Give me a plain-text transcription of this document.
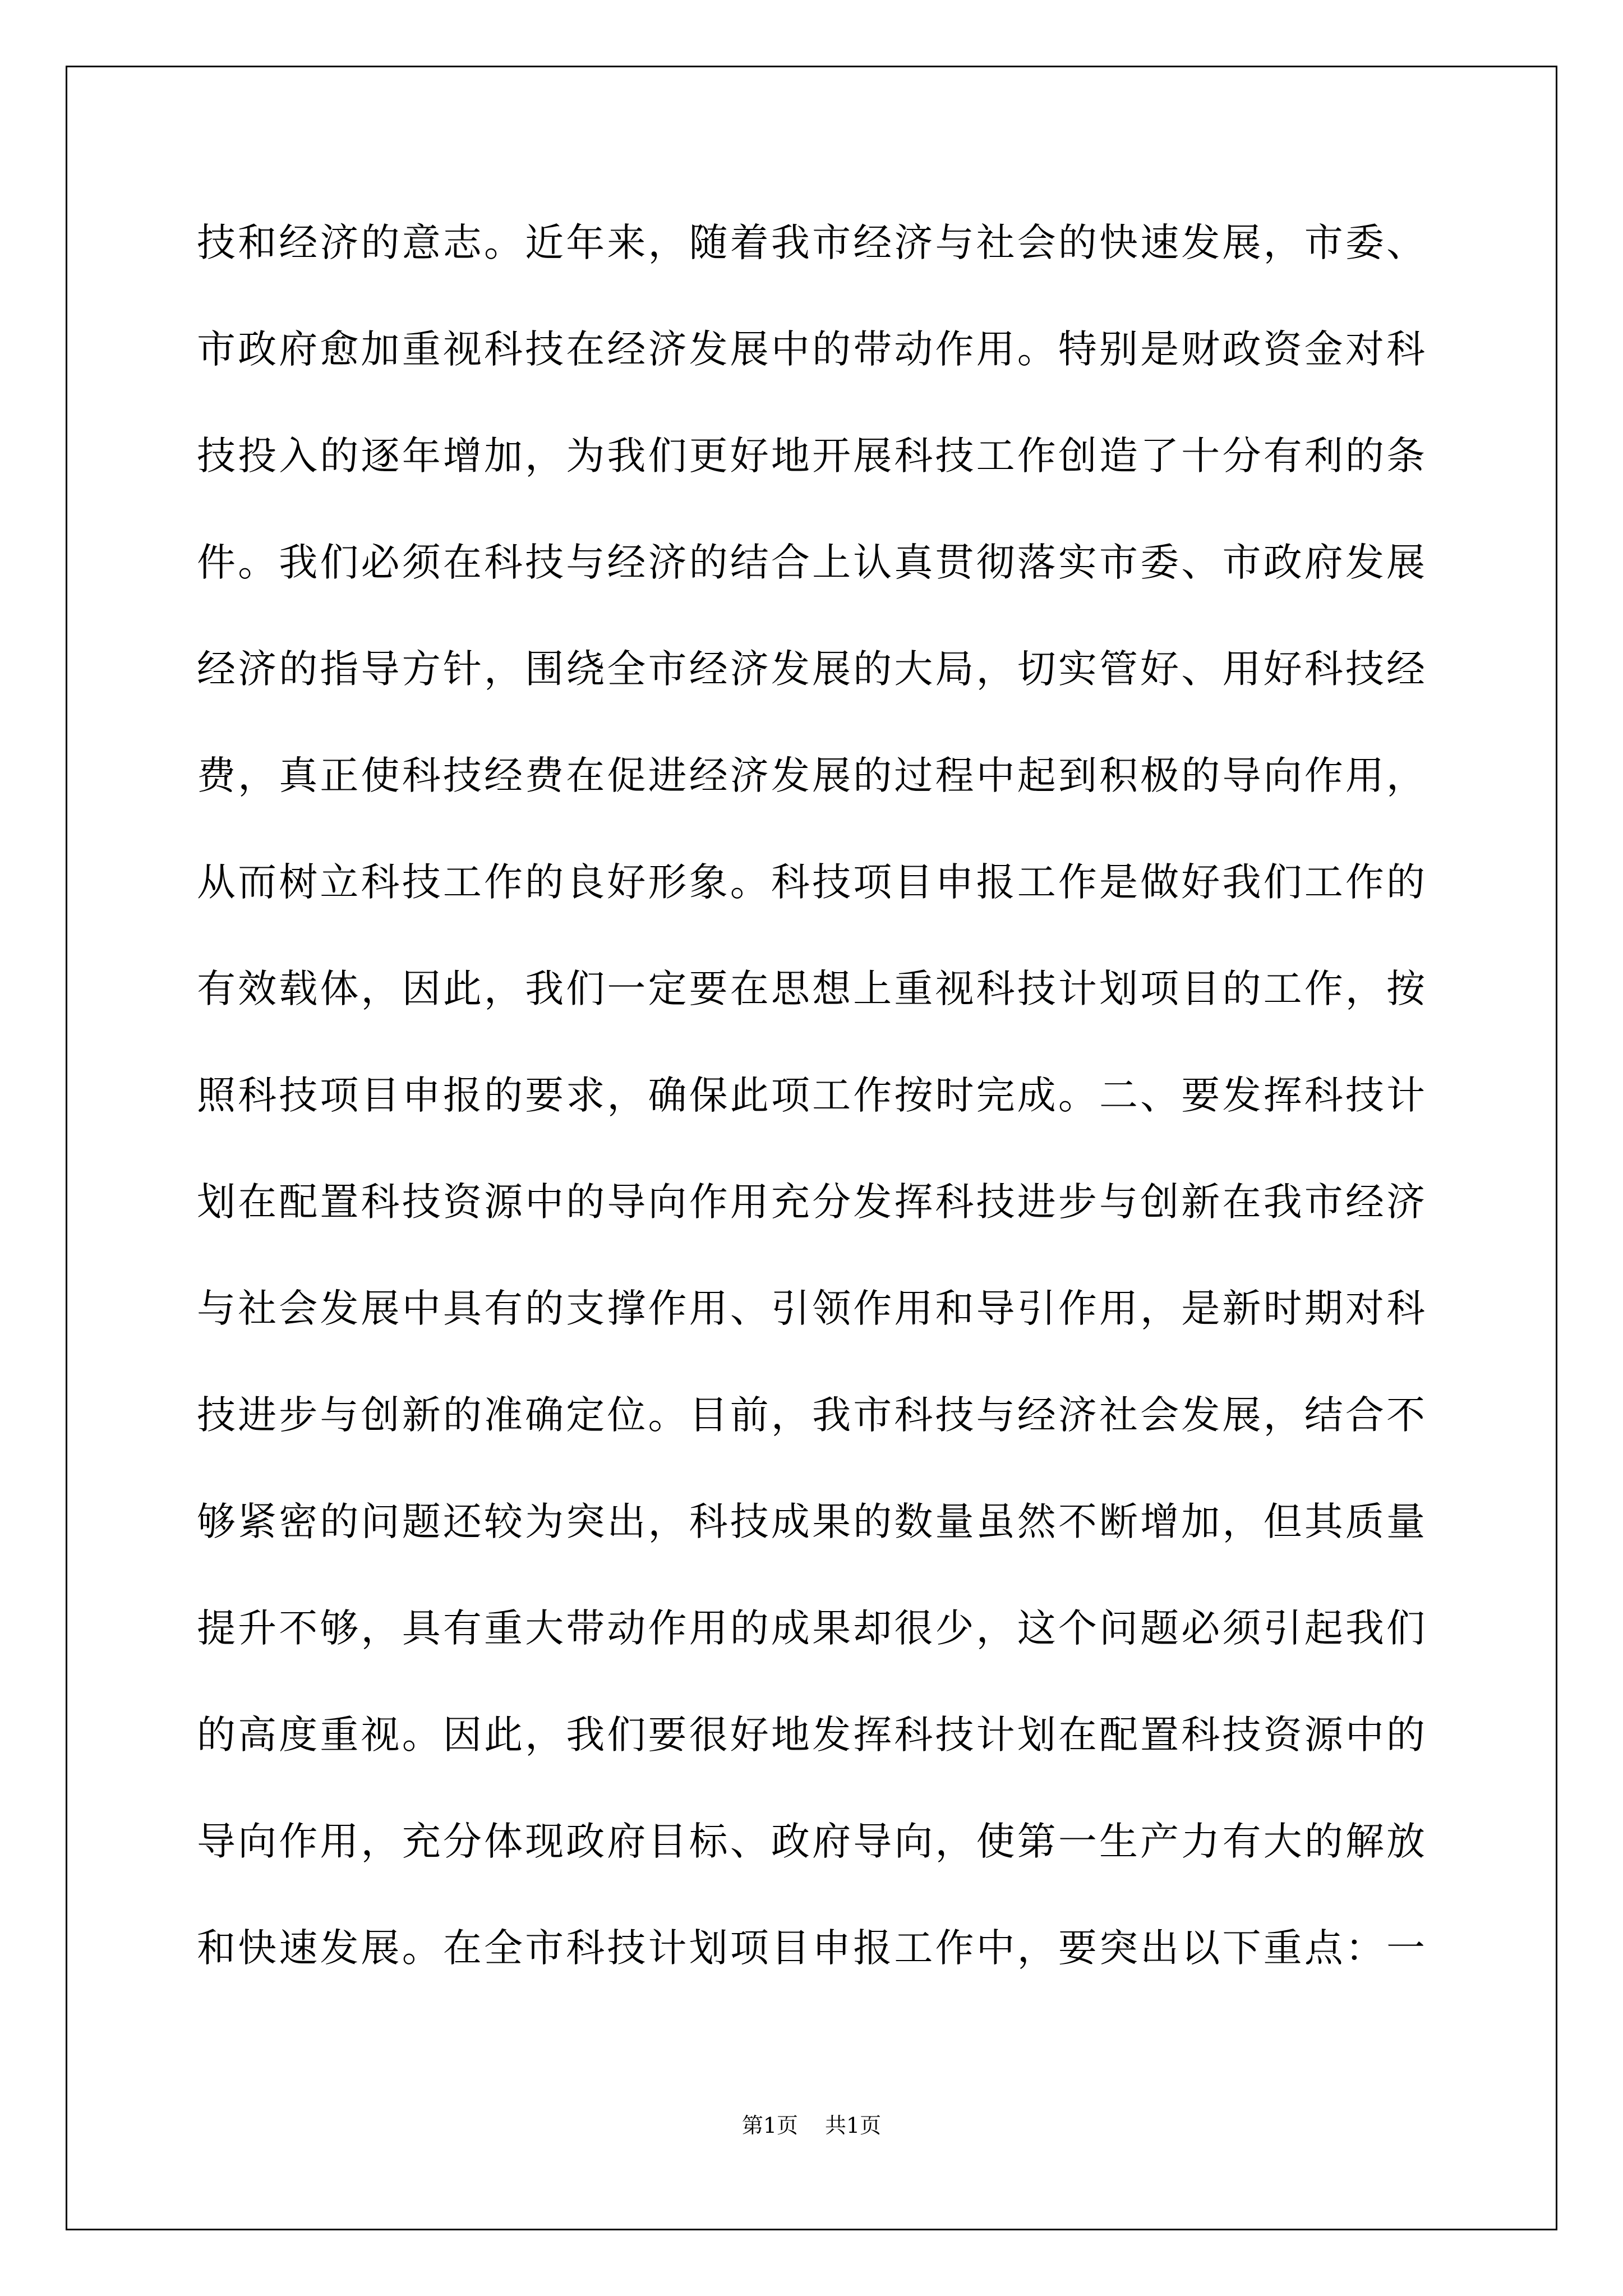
技和经济的意志。近年来，随着我市经济与社会的快速发展，市委、
市政府愈加重视科技在经济发展中的带动作用。特别是财政资金对科
技投入的逐年增加，为我们更好地开展科技工作创造了十分有利的条
件。我们必须在科技与经济的结合上认真贯彻落实市委、市政府发展
经济的指导方针，围绕全市经济发展的大局，切实管好、用好科技经
费，真正使科技经费在促进经济发展的过程中起到积极的导向作用，
从而树立科技工作的良好形象。科技项目申报工作是做好我们工作的
有效载体，因此，我们一定要在思想上重视科技计划项目的工作，按
照科技项目申报的要求，确保此项工作按时完成。二、要发挥科技计
划在配置科技资源中的导向作用充分发挥科技进步与创新在我市经济
与社会发展中具有的支撑作用、引领作用和导引作用，是新时期对科
技进步与创新的准确定位。目前，我市科技与经济社会发展，结合不
够紧密的问题还较为突出，科技成果的数量虽然不断增加，但其质量
提升不够，具有重大带动作用的成果却很少，这个问题必须引起我们
的高度重视。因此，我们要很好地发挥科技计划在配置科技资源中的
导向作用，充分体现政府目标、政府导向，使第一生产力有大的解放
和快速发展。在全市科技计划项目申报工作中，要突出以下重点：一
第1页 共1页
